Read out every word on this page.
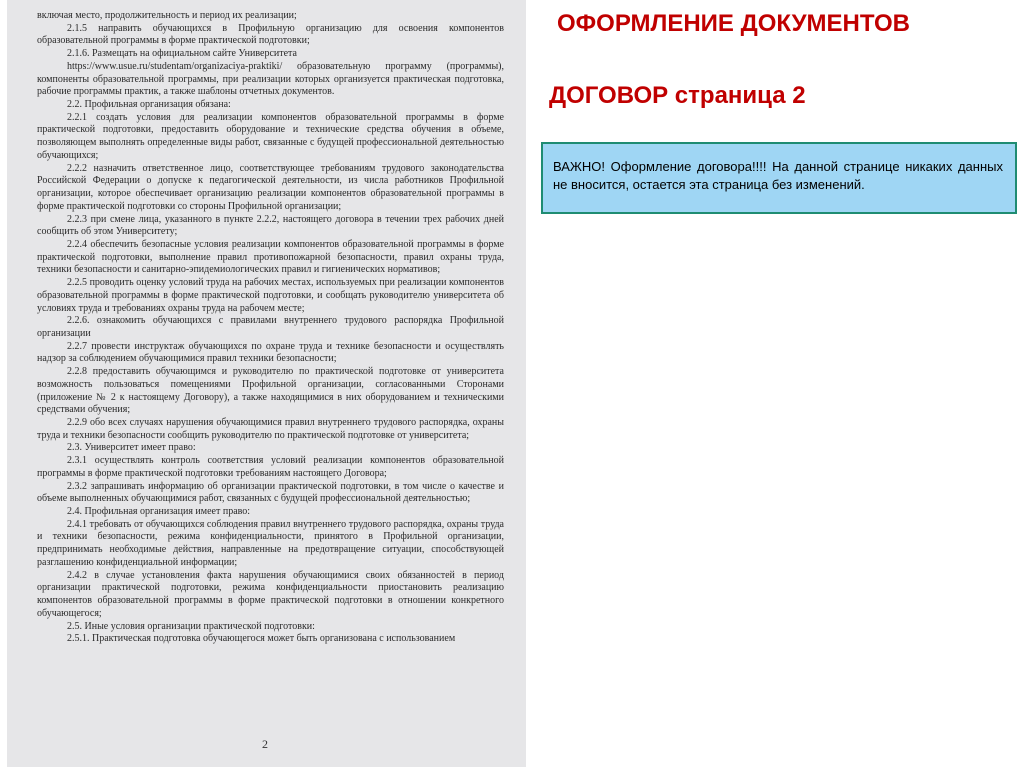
включая место, продолжительность и период их реализации;

2.1.5 направить обучающихся в Профильную организацию для освоения компонентов образовательной программы в форме практической подготовки;

2.1.6. Размещать на официальном сайте Университета

https://www.usue.ru/studentam/organizaciya-praktiki/ образовательную программу (программы), компоненты образовательной программы, при реализации которых организуется практическая подготовка, рабочие программы практик, а также шаблоны отчетных документов.

2.2. Профильная организация обязана:

2.2.1 создать условия для реализации компонентов образовательной программы в форме практической подготовки, предоставить оборудование и технические средства обучения в объеме, позволяющем выполнять определенные виды работ, связанные с будущей профессиональной деятельностью обучающихся;

2.2.2 назначить ответственное лицо, соответствующее требованиям трудового законодательства Российской Федерации о допуске к педагогической деятельности, из числа работников Профильной организации, которое обеспечивает организацию реализации компонентов образовательной программы в форме практической подготовки со стороны Профильной организации;

2.2.3 при смене лица, указанного в пункте 2.2.2, настоящего договора в течении трех рабочих дней сообщить об этом Университету;

2.2.4 обеспечить безопасные условия реализации компонентов образовательной программы в форме практической подготовки, выполнение правил противопожарной безопасности, правил охраны труда, техники безопасности и санитарно-эпидемиологических правил и гигиенических нормативов;

2.2.5 проводить оценку условий труда на рабочих местах, используемых при реализации компонентов образовательной программы в форме практической подготовки, и сообщать руководителю университета об условиях труда и требованиях охраны труда на рабочем месте;

2.2.6. ознакомить обучающихся с правилами внутреннего трудового распорядка Профильной организации

2.2.7 провести инструктаж обучающихся по охране труда и технике безопасности и осуществлять надзор за соблюдением обучающимися правил техники безопасности;

2.2.8 предоставить обучающимся и руководителю по практической подготовке от университета возможность пользоваться помещениями Профильной организации, согласованными Сторонами (приложение № 2 к настоящему Договору), а также находящимися в них оборудованием и техническими средствами обучения;

2.2.9 обо всех случаях нарушения обучающимися правил внутреннего трудового распорядка, охраны труда и техники безопасности сообщить руководителю по практической подготовке от университета;

2.3. Университет имеет право:

2.3.1 осуществлять контроль соответствия условий реализации компонентов образовательной программы в форме практической подготовки требованиям настоящего Договора;

2.3.2 запрашивать информацию об организации практической подготовки, в том числе о качестве и объеме выполненных обучающимися работ, связанных с будущей профессиональной деятельностью;

2.4. Профильная организация имеет право:

2.4.1 требовать от обучающихся соблюдения правил внутреннего трудового распорядка, охраны труда и техники безопасности, режима конфиденциальности, принятого в Профильной организации, предпринимать необходимые действия, направленные на предотвращение ситуации, способствующей разглашению конфиденциальной информации;

2.4.2 в случае установления факта нарушения обучающимися своих обязанностей в период организации практической подготовки, режима конфиденциальности приостановить реализацию компонентов образовательной программы в форме практической подготовки в отношении конкретного обучающегося;

2.5. Иные условия организации практической подготовки:

2.5.1. Практическая подготовка обучающегося может быть организована с использованием

2
ОФОРМЛЕНИЕ ДОКУМЕНТОВ
ДОГОВОР страница 2
ВАЖНО! Оформление договора!!!! На данной странице никаких данных не вносится, остается эта страница без изменений.
